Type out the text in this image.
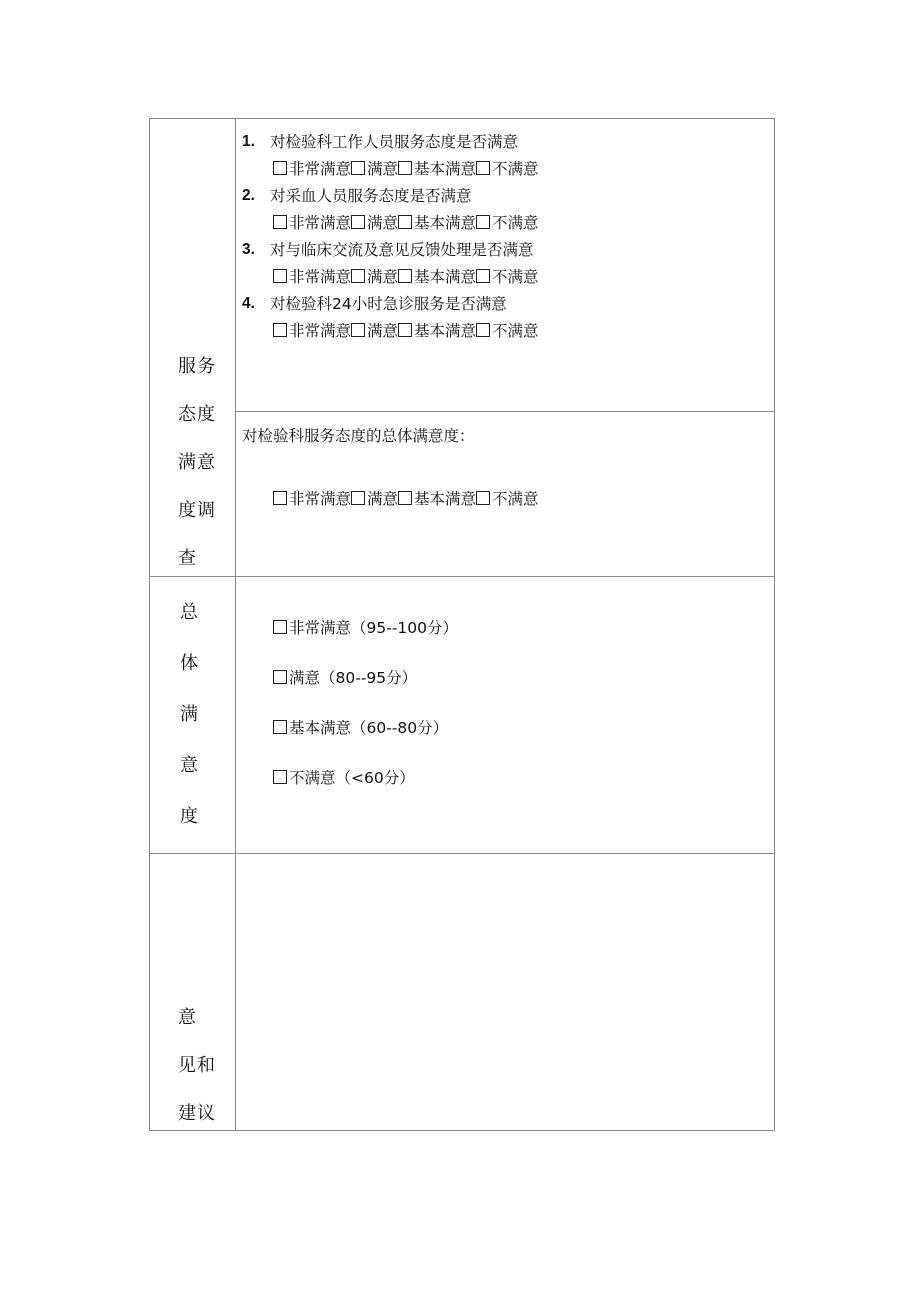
服务
态度
满意
度调
查
1. 对检验科工作人员服务态度是否满意
非常满意 满意 基本满意 不满意
2. 对采血人员服务态度是否满意
非常满意 满意 基本满意 不满意
3. 对与临床交流及意见反馈处理是否满意
非常满意 满意 基本满意 不满意
4. 对检验科24小时急诊服务是否满意
非常满意 满意 基本满意 不满意
对检验科服务态度的总体满意度：
非常满意 满意 基本满意 不满意
总
体
满
意
度
非常满意（95--100分）
满意（80--95分）
基本满意（60--80分）
不满意（<60分）
意
见和
建议
